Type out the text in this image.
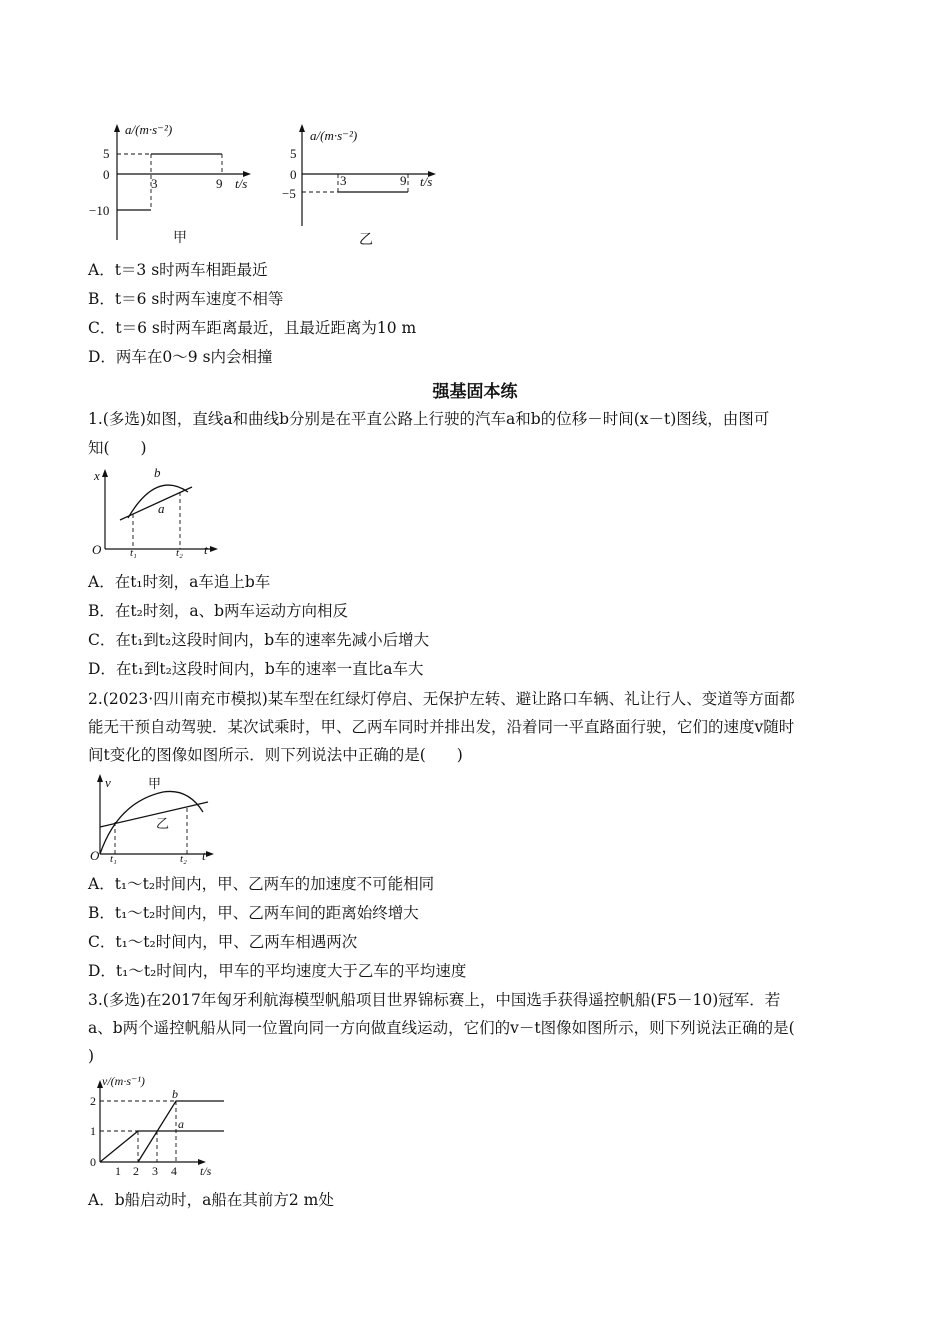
a/(m·s⁻²)
t/s
5
0
−10
3	9
甲
a/(m·s⁻²)
t/s
5
0
−5
3	9
乙
A．t＝3 s时两车相距最近
B．t＝6 s时两车速度不相等
C．t＝6 s时两车距离最近，且最近距离为10 m
D．两车在0～9 s内会相撞
强基固本练
1.(多选)如图，直线a和曲线b分别是在平直公路上行驶的汽车a和b的位移－时间(x－t)图线，由图可
知(　　)
x
t
O	t₁	t₂
b
a
A．在t₁时刻，a车追上b车
B．在t₂时刻，a、b两车运动方向相反
C．在t₁到t₂这段时间内，b车的速率先减小后增大
D．在t₁到t₂这段时间内，b车的速率一直比a车大
2.(2023·四川南充市模拟)某车型在红绿灯停启、无保护左转、避让路口车辆、礼让行人、变道等方面都
能无干预自动驾驶．某次试乘时，甲、乙两车同时并排出发，沿着同一平直路面行驶，它们的速度v随时
间t变化的图像如图所示．则下列说法中正确的是(　　)
v
t
O t₁	t₂
甲
乙
A．t₁～t₂时间内，甲、乙两车的加速度不可能相同
B．t₁～t₂时间内，甲、乙两车间的距离始终增大
C．t₁～t₂时间内，甲、乙两车相遇两次
D．t₁～t₂时间内，甲车的平均速度大于乙车的平均速度
3.(多选)在2017年匈牙利航海模型帆船项目世界锦标赛上，中国选手获得遥控帆船(F5－10)冠军．若
a、b两个遥控帆船从同一位置向同一方向做直线运动，它们的v－t图像如图所示，则下列说法正确的是(
)
v/(m·s⁻¹)
t/s
2
1
0
1 2 3 4
b
a
A．b船启动时，a船在其前方2 m处
